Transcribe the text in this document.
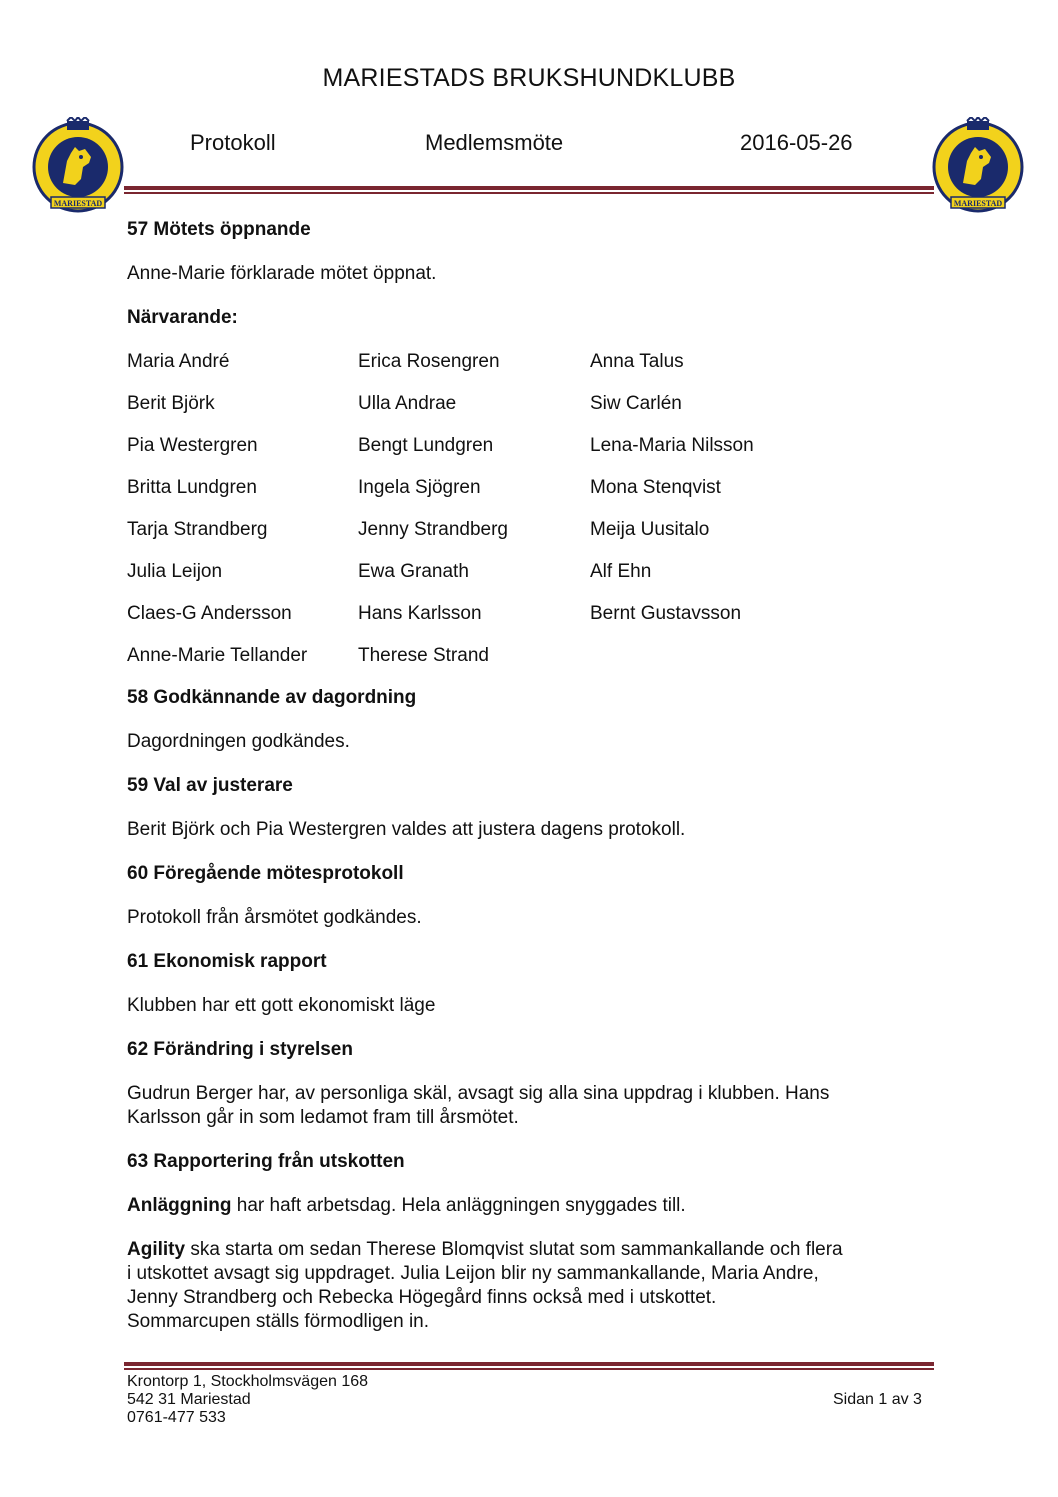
MARIESTADS BRUKSHUNDKLUBB
MARIESTAD	MARIESTAD
Protokoll	Medlemsmöte	2016-05-26

57 Mötets öppnande

Anne-Marie förklarade mötet öppnat.

Närvarande:

Maria André	Erica Rosengren	Anna Talus
Berit Björk	Ulla Andrae	Siw Carlén
Pia Westergren	Bengt Lundgren	Lena-Maria Nilsson
Britta Lundgren	Ingela Sjögren	Mona Stenqvist
Tarja Strandberg	Jenny Strandberg	Meija Uusitalo
Julia Leijon	Ewa Granath	Alf Ehn
Claes-G Andersson	Hans Karlsson	Bernt Gustavsson
Anne-Marie Tellander	Therese Strand

58 Godkännande av dagordning

Dagordningen godkändes.

59 Val av justerare

Berit Björk och Pia Westergren valdes att justera dagens protokoll.

60 Föregående mötesprotokoll

Protokoll från årsmötet godkändes.

61 Ekonomisk rapport

Klubben har ett gott ekonomiskt läge

62 Förändring i styrelsen

Gudrun Berger har, av personliga skäl, avsagt sig alla sina uppdrag i klubben. Hans

Karlsson går in som ledamot fram till årsmötet.

63 Rapportering från utskotten

Anläggning har haft arbetsdag. Hela anläggningen snyggades till.

Agility ska starta om sedan Therese Blomqvist slutat som sammankallande och flera

i utskottet avsagt sig uppdraget. Julia Leijon blir ny sammankallande, Maria Andre,

Jenny Strandberg och Rebecka Högegård finns också med i utskottet.

Sommarcupen ställs förmodligen in.

Krontorp 1, Stockholmsvägen 168
542 31 Mariestad
0761-477 533
Sidan 1 av 3
